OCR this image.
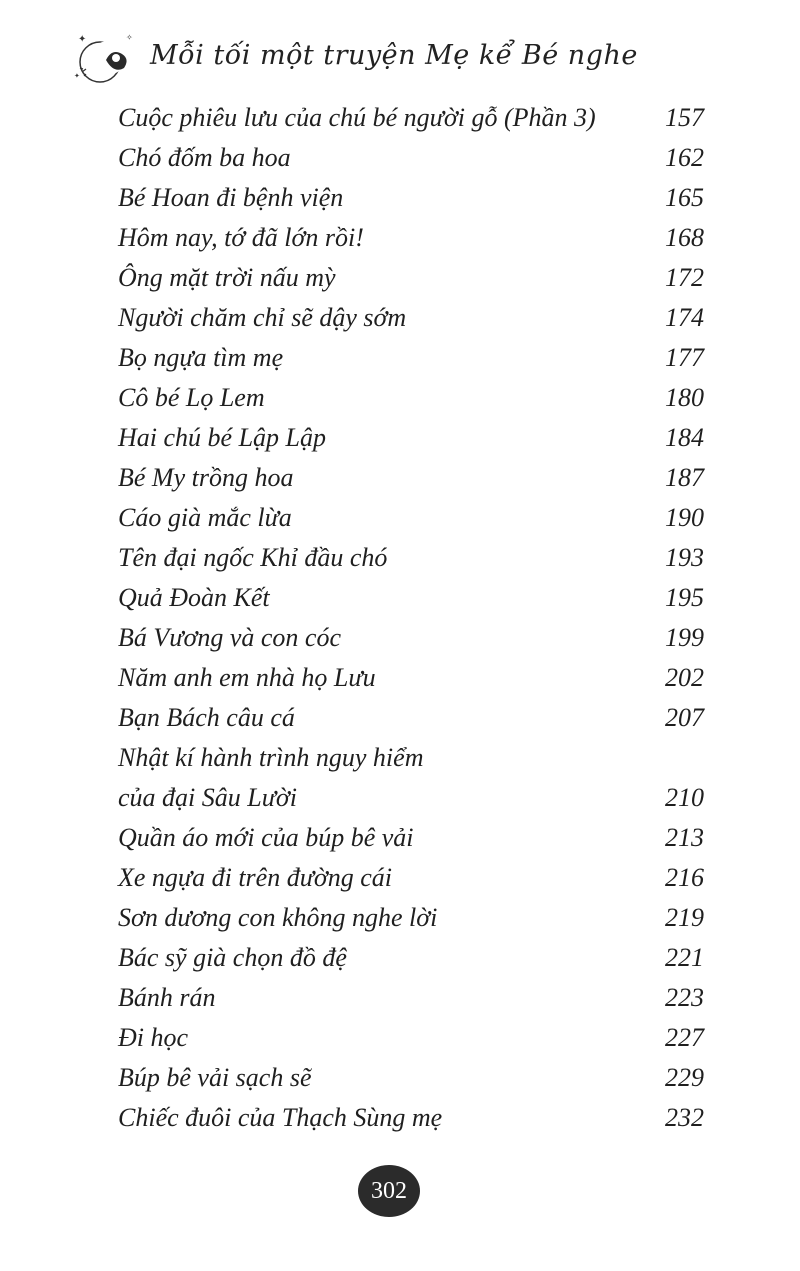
✦	✧
✦
Mỗi tối một truyện Mẹ kể Bé nghe
Cuộc phiêu lưu của chú bé người gỗ (Phần 3)	157
Chó đốm ba hoa	162
Bé Hoan đi bệnh viện	165
Hôm nay, tớ đã lớn rồi!	168
Ông mặt trời nấu mỳ	172
Người chăm chỉ sẽ dậy sớm	174
Bọ ngựa tìm mẹ	177
Cô bé Lọ Lem	180
Hai chú bé Lập Lập	184
Bé My trồng hoa	187
Cáo già mắc lừa	190
Tên đại ngốc Khỉ đầu chó	193
Quả Đoàn Kết	195
Bá Vương và con cóc	199
Năm anh em nhà họ Lưu	202
Bạn Bách câu cá	207
Nhật kí hành trình nguy hiểm
của đại Sâu Lười	210
Quần áo mới của búp bê vải	213
Xe ngựa đi trên đường cái	216
Sơn dương con không nghe lời	219
Bác sỹ già chọn đồ đệ	221
Bánh rán	223
Đi học	227
Búp bê vải sạch sẽ	229
Chiếc đuôi của Thạch Sùng mẹ	232
302
